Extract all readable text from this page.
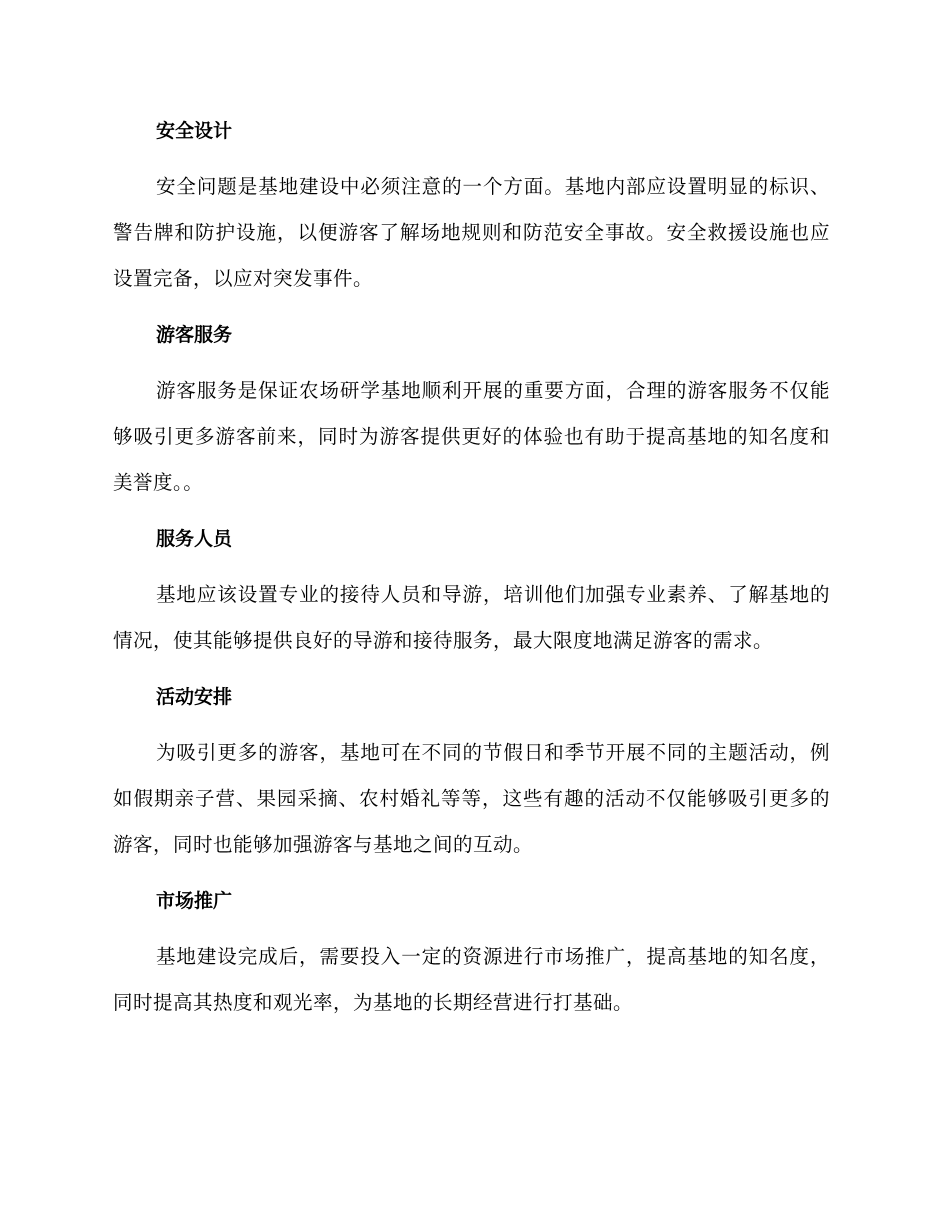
安全设计

安全问题是基地建设中必须注意的一个方面。基地内部应设置明显的标识、警告牌和防护设施，以便游客了解场地规则和防范安全事故。安全救援设施也应设置完备，以应对突发事件。

游客服务

游客服务是保证农场研学基地顺利开展的重要方面，合理的游客服务不仅能够吸引更多游客前来，同时为游客提供更好的体验也有助于提高基地的知名度和美誉度。。

服务人员

基地应该设置专业的接待人员和导游，培训他们加强专业素养、了解基地的情况，使其能够提供良好的导游和接待服务，最大限度地满足游客的需求。

活动安排

为吸引更多的游客，基地可在不同的节假日和季节开展不同的主题活动，例如假期亲子营、果园采摘、农村婚礼等等，这些有趣的活动不仅能够吸引更多的游客，同时也能够加强游客与基地之间的互动。

市场推广

基地建设完成后，需要投入一定的资源进行市场推广，提高基地的知名度，同时提高其热度和观光率，为基地的长期经营进行打基础。
